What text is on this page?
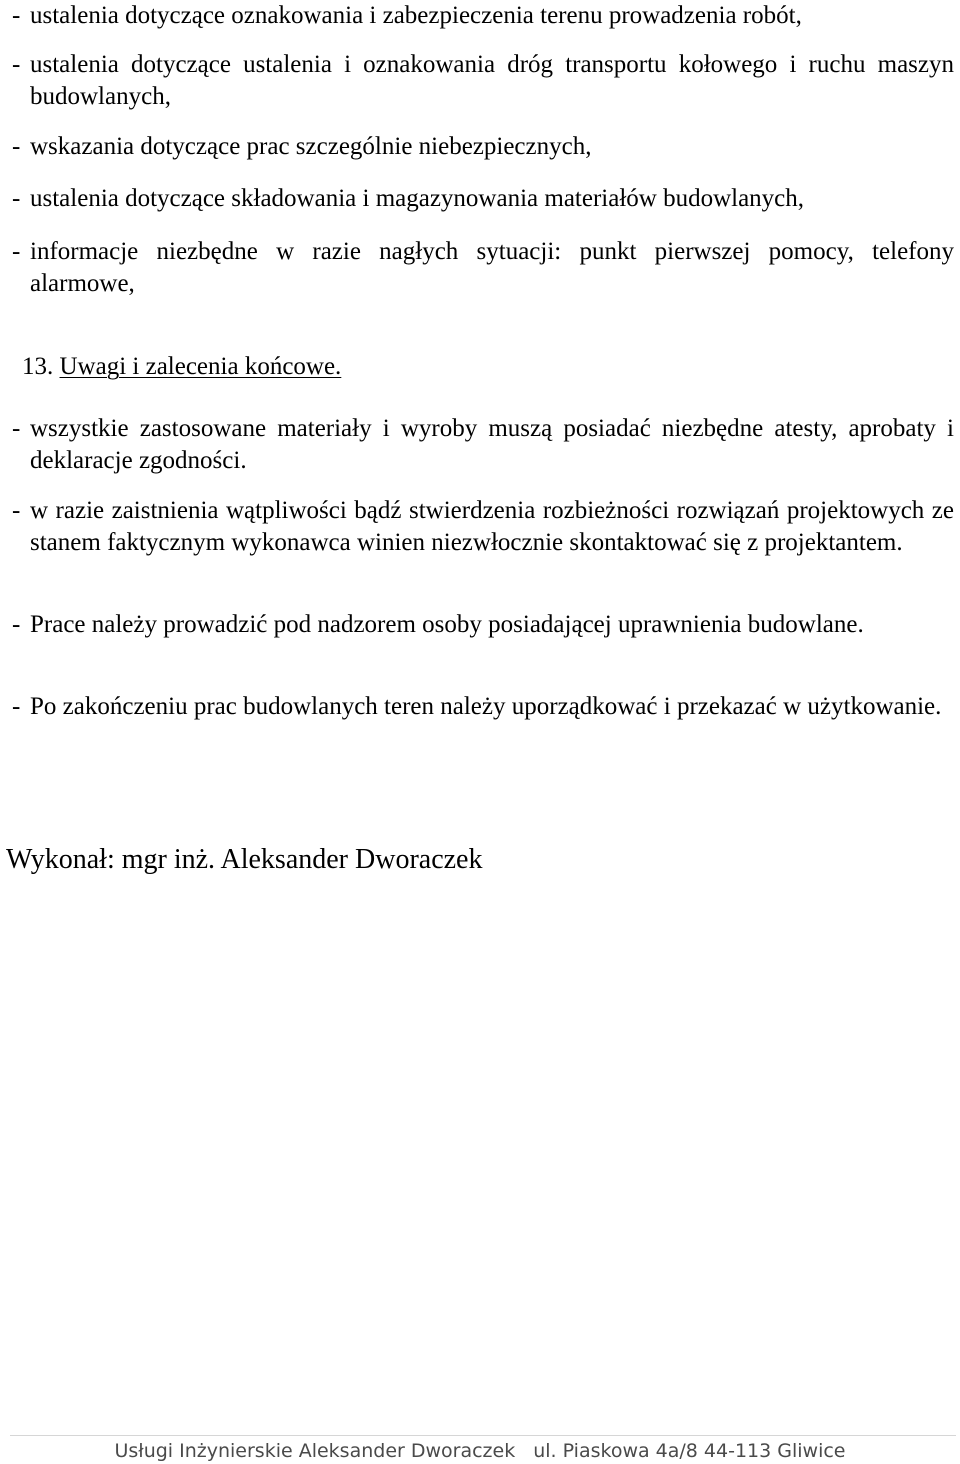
- ustalenia dotyczące oznakowania i zabezpieczenia terenu prowadzenia robót,
- ustalenia dotyczące ustalenia i oznakowania dróg transportu kołowego i ruchu maszyn budowlanych,
- wskazania dotyczące prac szczególnie niebezpiecznych,
- ustalenia dotyczące składowania i magazynowania materiałów budowlanych,
- informacje niezbędne w razie nagłych sytuacji: punkt pierwszej pomocy, telefony alarmowe,
13. Uwagi i zalecenia końcowe.
- wszystkie zastosowane materiały i wyroby muszą posiadać niezbędne atesty, aprobaty i deklaracje zgodności.
- w razie zaistnienia wątpliwości bądź stwierdzenia rozbieżności rozwiązań projektowych ze stanem faktycznym wykonawca winien niezwłocznie skontaktować się z projektantem.
- Prace należy prowadzić pod nadzorem osoby posiadającej uprawnienia budowlane.
- Po zakończeniu prac budowlanych teren należy uporządkować i przekazać w użytkowanie.
Wykonał: mgr inż. Aleksander Dworaczek
Usługi Inżynierskie Aleksander Dworaczek ul. Piaskowa 4a/8 44-113 Gliwice
